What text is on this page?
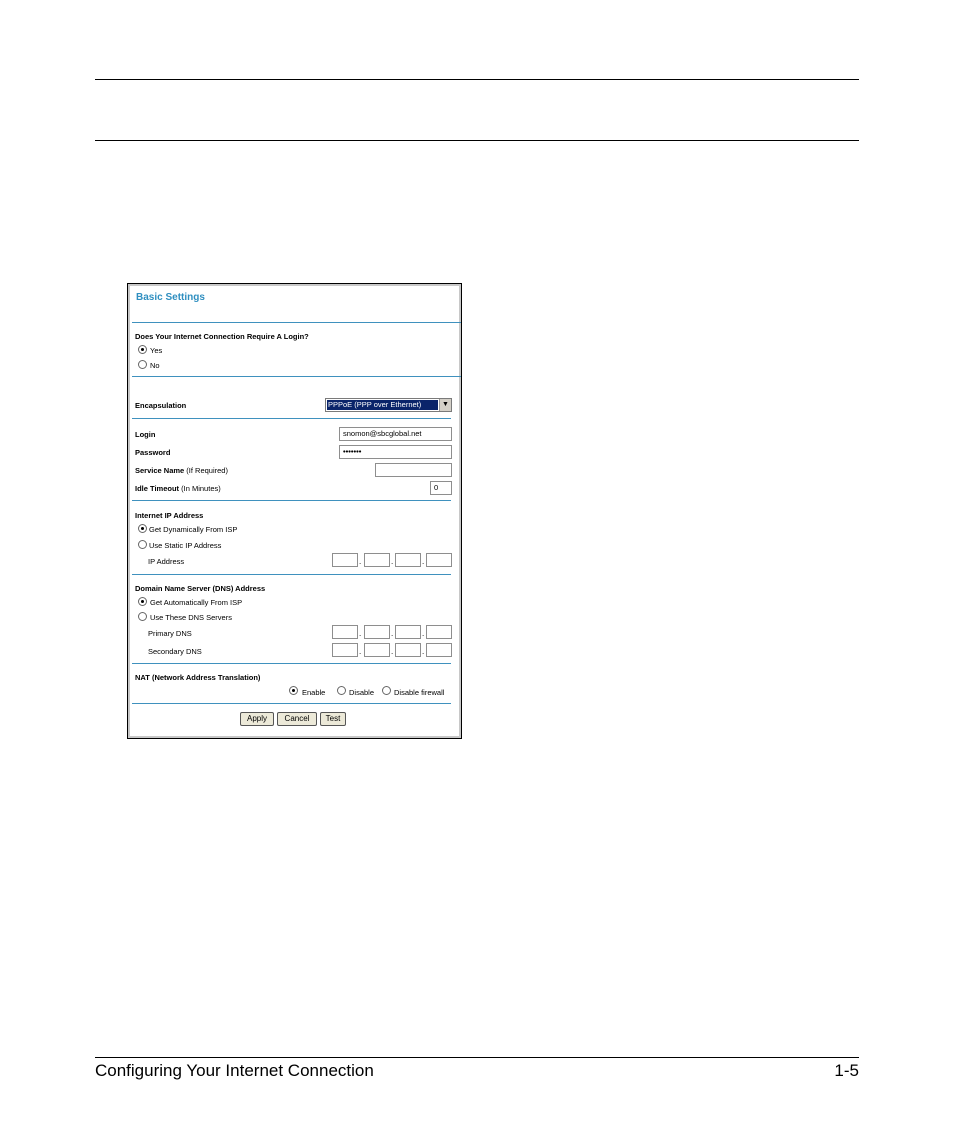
Basic Settings
Does Your Internet Connection Require A Login?
Yes
No
Encapsulation	PPPoE (PPP over Ethernet)	▼
Login	snomon@sbcglobal.net
Password	•••••••
Service Name (If Required)
Idle Timeout (In Minutes)	0
Internet IP Address
Get Dynamically From ISP
Use Static IP Address
IP Address	.	.	.
Domain Name Server (DNS) Address
Get Automatically From ISP
Use These DNS Servers
Primary DNS	.	.	.
Secondary DNS	.	.	.
NAT (Network Address Translation)
Enable	Disable	Disable firewall
Apply	Cancel	Test
Configuring Your Internet Connection	1-5
